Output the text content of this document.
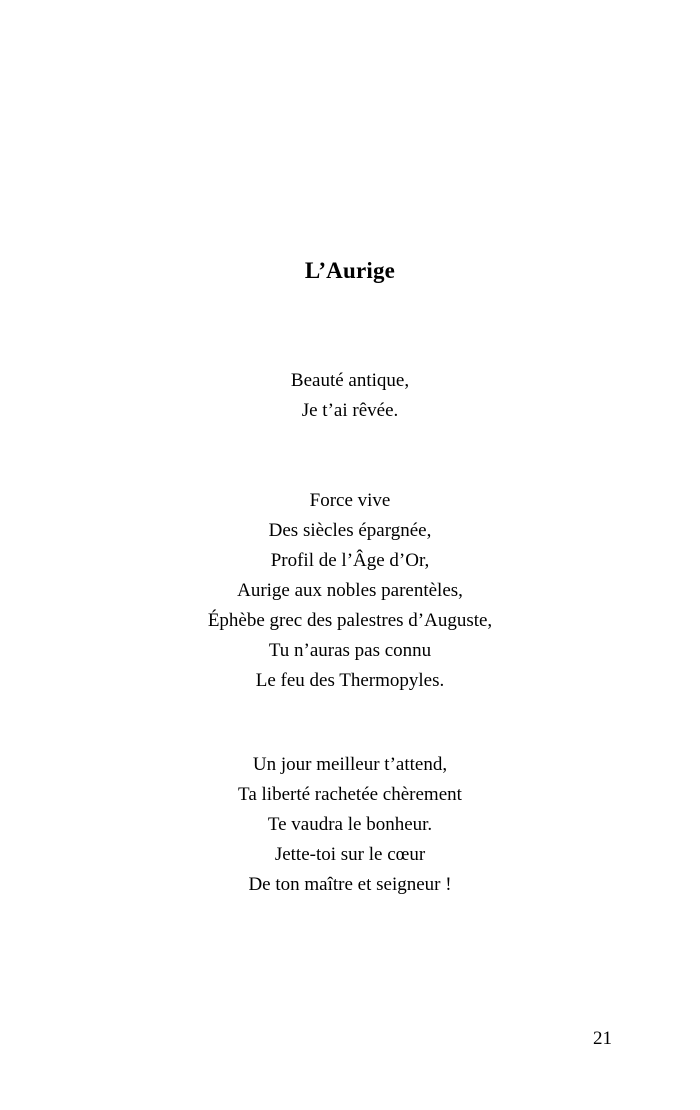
L’Aurige
Beauté antique,
Je t’ai rêvée.
Force vive
Des siècles épargnée,
Profil de l’Âge d’Or,
Aurige aux nobles parentèles,
Éphèbe grec des palestres d’Auguste,
Tu n’auras pas connu
Le feu des Thermopyles.
Un jour meilleur t’attend,
Ta liberté rachetée chèrement
Te vaudra le bonheur.
Jette-toi sur le cœur
De ton maître et seigneur !
21
